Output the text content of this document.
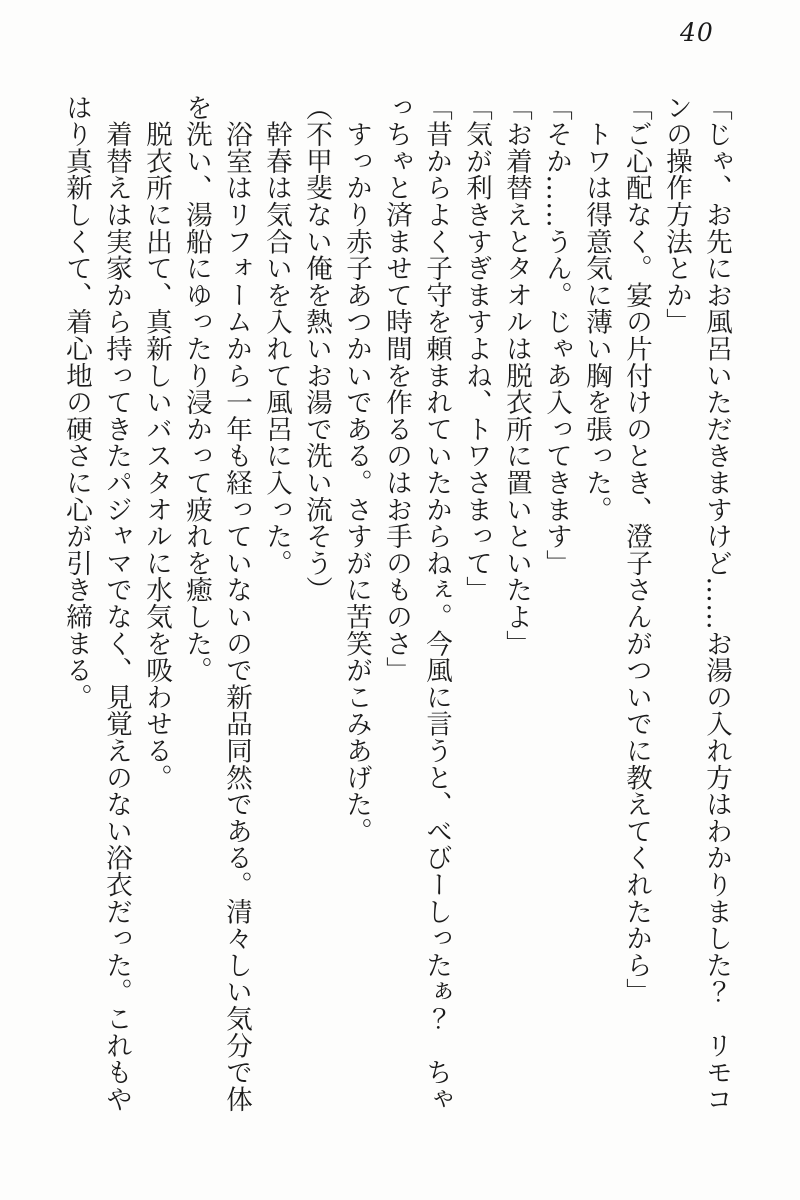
40

「じゃ、お先にお風呂いただきますけど……お湯の入れ方はわかりました？　リモコ

ンの操作方法とか」

「ご心配なく。宴の片付けのとき、澄子さんがついでに教えてくれたから」

　トワは得意気に薄い胸を張った。

「そか……うん。じゃあ入ってきます」

「お着替えとタオルは脱衣所に置いといたよ」

「気が利きすぎますよね、トワさまって」

「昔からよく子守を頼まれていたからねぇ。今風に言うと、べびーしったぁ？　ちゃ

っちゃと済ませて時間を作るのはお手のものさ」

　すっかり赤子あつかいである。さすがに苦笑がこみあげた。

（不甲斐ない俺を熱いお湯で洗い流そう）

　幹春は気合いを入れて風呂に入った。

　浴室はリフォームから一年も経っていないので新品同然である。清々しい気分で体

を洗い、湯船にゆったり浸かって疲れを癒した。

　脱衣所に出て、真新しいバスタオルに水気を吸わせる。

　着替えは実家から持ってきたパジャマでなく、見覚えのない浴衣だった。これもや

はり真新しくて、着心地の硬さに心が引き締まる。
